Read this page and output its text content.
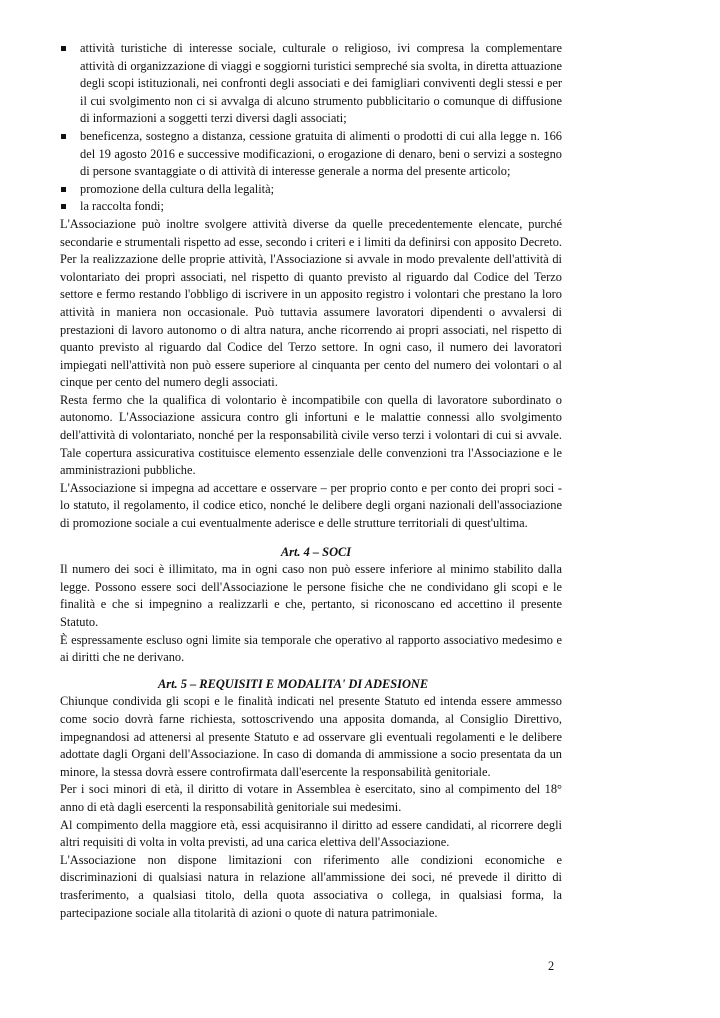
attività turistiche di interesse sociale, culturale o religioso, ivi compresa la complementare attività di organizzazione di viaggi e soggiorni turistici sempreché sia svolta, in diretta attuazione degli scopi istituzionali, nei confronti degli associati e dei famigliari conviventi degli stessi e per il cui svolgimento non ci si avvalga di alcuno strumento pubblicitario o comunque di diffusione di informazioni a soggetti terzi diversi dagli associati;
beneficenza, sostegno a distanza, cessione gratuita di alimenti o prodotti di cui alla legge n. 166 del 19 agosto 2016 e successive modificazioni, o erogazione di denaro, beni o servizi a sostegno di persone svantaggiate o di attività di interesse generale a norma del presente articolo;
promozione della cultura della legalità;
la raccolta fondi;

L'Associazione può inoltre svolgere attività diverse da quelle precedentemente elencate, purché secondarie e strumentali rispetto ad esse, secondo i criteri e i limiti da definirsi con apposito Decreto. Per la realizzazione delle proprie attività, l'Associazione si avvale in modo prevalente dell'attività di volontariato dei propri associati, nel rispetto di quanto previsto al riguardo dal Codice del Terzo settore e fermo restando l'obbligo di iscrivere in un apposito registro i volontari che prestano la loro attività in maniera non occasionale. Può tuttavia assumere lavoratori dipendenti o avvalersi di prestazioni di lavoro autonomo o di altra natura, anche ricorrendo ai propri associati, nel rispetto di quanto previsto al riguardo dal Codice del Terzo settore. In ogni caso, il numero dei lavoratori impiegati nell'attività non può essere superiore al cinquanta per cento del numero dei volontari o al cinque per cento del numero degli associati.

Resta fermo che la qualifica di volontario è incompatibile con quella di lavoratore subordinato o autonomo. L'Associazione assicura contro gli infortuni e le malattie connessi allo svolgimento dell'attività di volontariato, nonché per la responsabilità civile verso terzi i volontari di cui si avvale. Tale copertura assicurativa costituisce elemento essenziale delle convenzioni tra l'Associazione e le amministrazioni pubbliche.

L'Associazione si impegna ad accettare e osservare – per proprio conto e per conto dei propri soci - lo statuto, il regolamento, il codice etico, nonché le delibere degli organi nazionali dell'associazione di promozione sociale a cui eventualmente aderisce e delle strutture territoriali di quest'ultima.

Art. 4 – SOCI

Il numero dei soci è illimitato, ma in ogni caso non può essere inferiore al minimo stabilito dalla legge. Possono essere soci dell'Associazione le persone fisiche che ne condividano gli scopi e le finalità e che si impegnino a realizzarli e che, pertanto, si riconoscano ed accettino il presente Statuto.

È espressamente escluso ogni limite sia temporale che operativo al rapporto associativo medesimo e ai diritti che ne derivano.

Art. 5 – REQUISITI E MODALITA' DI ADESIONE

Chiunque condivida gli scopi e le finalità indicati nel presente Statuto ed intenda essere ammesso come socio dovrà farne richiesta, sottoscrivendo una apposita domanda, al Consiglio Direttivo, impegnandosi ad attenersi al presente Statuto e ad osservare gli eventuali regolamenti e le delibere adottate dagli Organi dell'Associazione. In caso di domanda di ammissione a socio presentata da un minore, la stessa dovrà essere controfirmata dall'esercente la responsabilità genitoriale.

Per i soci minori di età, il diritto di votare in Assemblea è esercitato, sino al compimento del 18° anno di età dagli esercenti la responsabilità genitoriale sui medesimi.

Al compimento della maggiore età, essi acquisiranno il diritto ad essere candidati, al ricorrere degli altri requisiti di volta in volta previsti, ad una carica elettiva dell'Associazione.

L'Associazione non dispone limitazioni con riferimento alle condizioni economiche e discriminazioni di qualsiasi natura in relazione all'ammissione dei soci, né prevede il diritto di trasferimento, a qualsiasi titolo, della quota associativa o collega, in qualsiasi forma, la partecipazione sociale alla titolarità di azioni o quote di natura patrimoniale.

2
